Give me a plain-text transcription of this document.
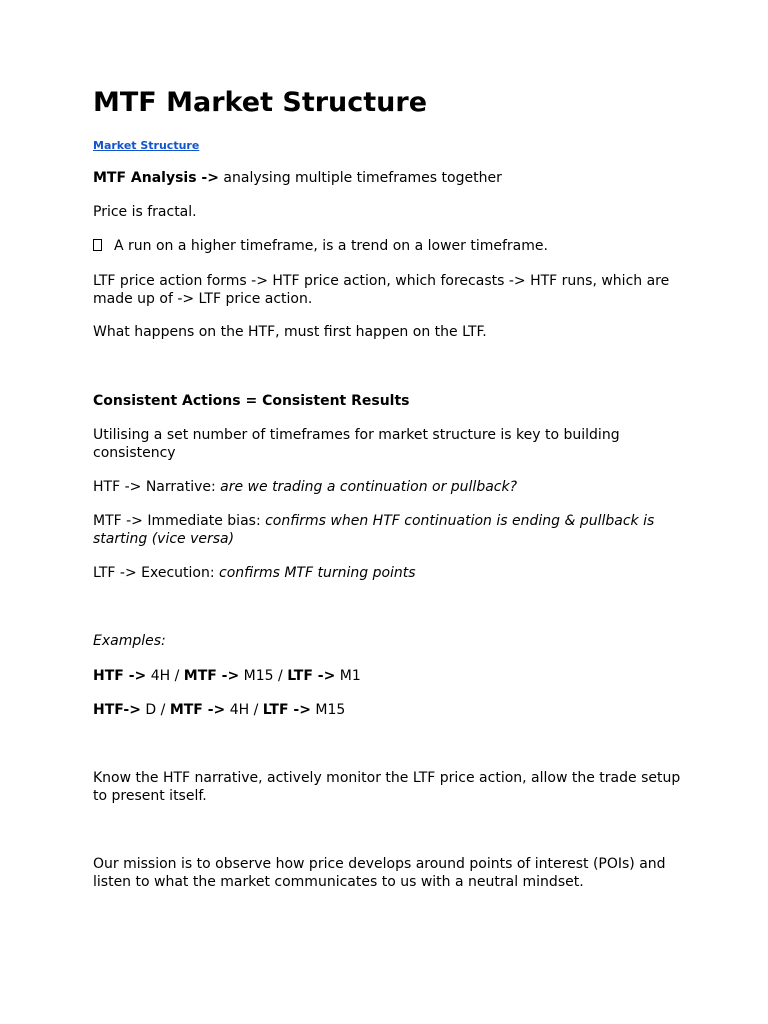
MTF Market Structure
Market Structure

MTF Analysis -> analysing multiple timeframes together

Price is fractal.

A run on a higher timeframe, is a trend on a lower timeframe.

LTF price action forms -> HTF price action, which forecasts -> HTF runs, which are made up of -> LTF price action.

What happens on the HTF, must first happen on the LTF.

Consistent Actions = Consistent Results

Utilising a set number of timeframes for market structure is key to building consistency

HTF -> Narrative: are we trading a continuation or pullback?

MTF -> Immediate bias: confirms when HTF continuation is ending & pullback is starting (vice versa)

LTF -> Execution: confirms MTF turning points

Examples:

HTF -> 4H / MTF -> M15 / LTF -> M1

HTF-> D / MTF -> 4H / LTF -> M15

Know the HTF narrative, actively monitor the LTF price action, allow the trade setup to present itself.

Our mission is to observe how price develops around points of interest (POIs) and listen to what the market communicates to us with a neutral mindset.
